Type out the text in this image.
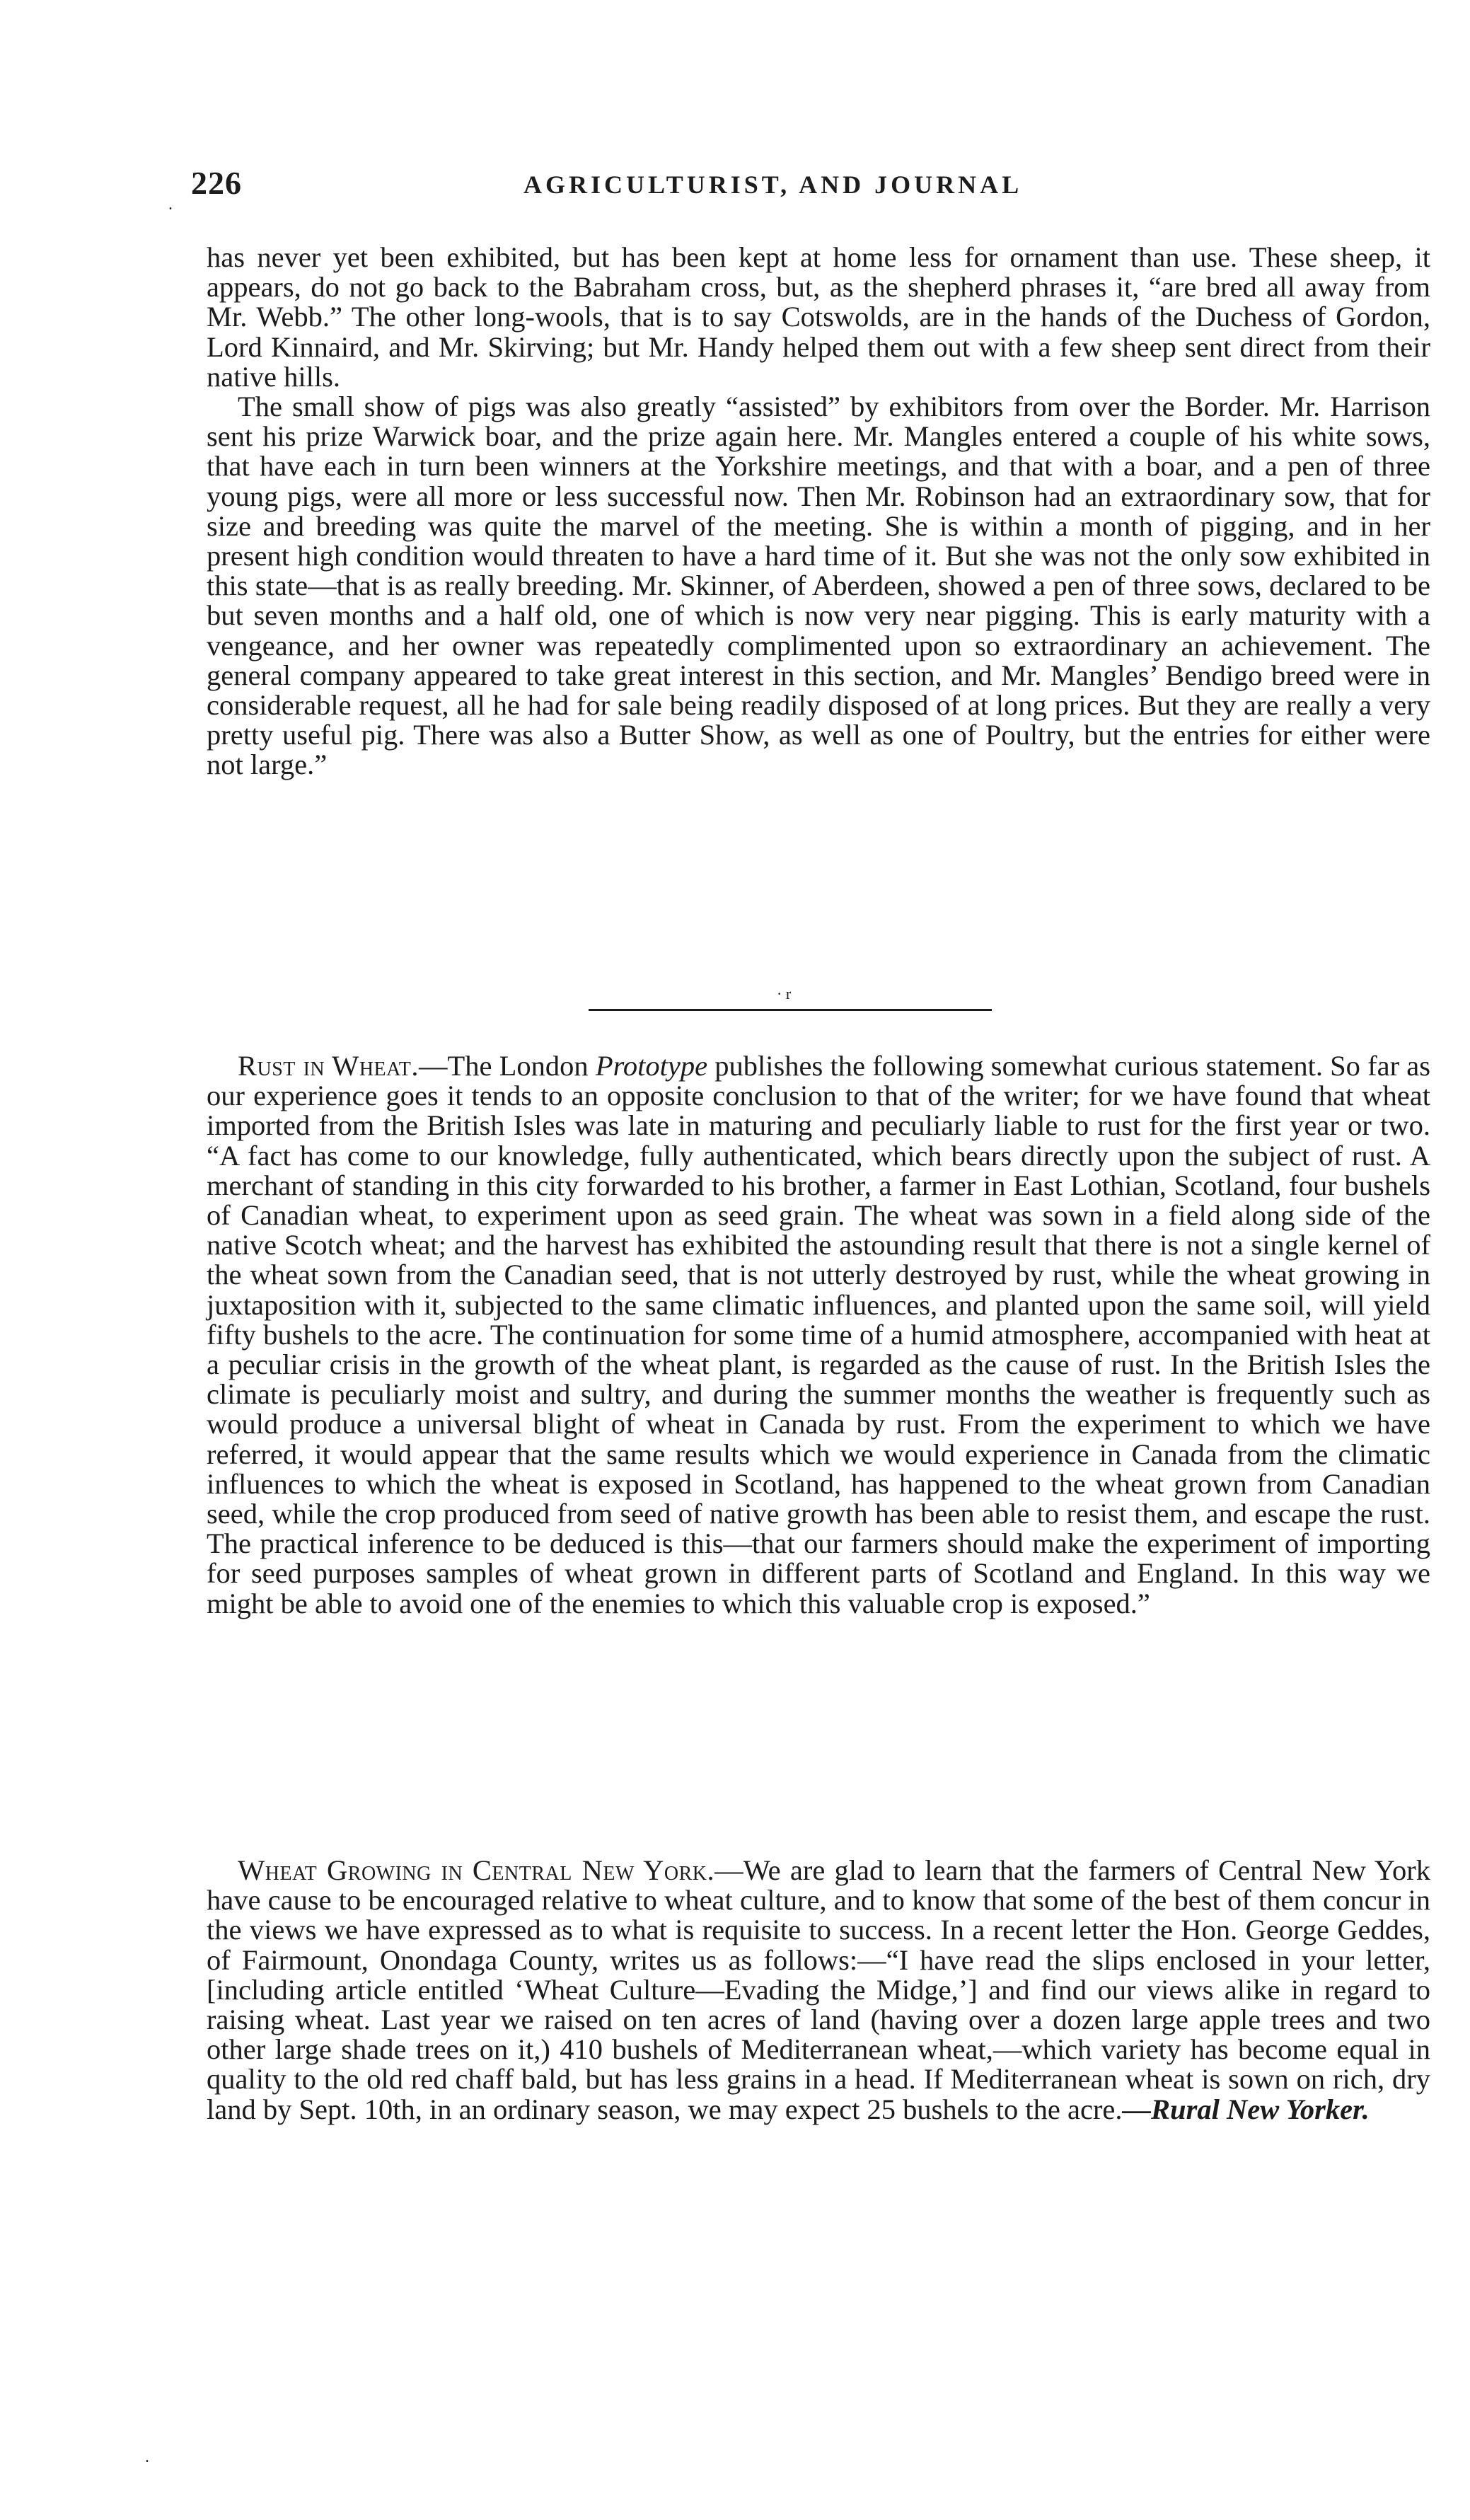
226	AGRICULTURIST, AND JOURNAL
.

has never yet been exhibited, but has been kept at home less for ornament than use. These sheep, it appears, do not go back to the Babraham cross, but, as the shepherd phrases it, “are bred all away from Mr. Webb.” The other long-wools, that is to say Cotswolds, are in the hands of the Duchess of Gordon, Lord Kinnaird, and Mr. Skirving; but Mr. Handy helped them out with a few sheep sent direct from their native hills.

The small show of pigs was also greatly “assisted” by exhibitors from over the Border. Mr. Harrison sent his prize Warwick boar, and the prize again here. Mr. Mangles entered a couple of his white sows, that have each in turn been winners at the Yorkshire meetings, and that with a boar, and a pen of three young pigs, were all more or less successful now. Then Mr. Robinson had an extraordinary sow, that for size and breeding was quite the marvel of the meeting. She is within a month of pigging, and in her present high condition would threaten to have a hard time of it. But she was not the only sow exhibited in this state—that is as really breeding. Mr. Skinner, of Aberdeen, showed a pen of three sows, declared to be but seven months and a half old, one of which is now very near pigging. This is early maturity with a vengeance, and her owner was repeatedly complimented upon so extraordinary an achievement. The general company appeared to take great interest in this section, and Mr. Mangles’ Bendigo breed were in considerable request, all he had for sale being readily disposed of at long prices. But they are really a very pretty useful pig. There was also a Butter Show, as well as one of Poultry, but the entries for either were not large.”

· r

Rust in Wheat.—The London Prototype publishes the following somewhat curious statement. So far as our experience goes it tends to an opposite conclusion to that of the writer; for we have found that wheat imported from the British Isles was late in maturing and peculiarly liable to rust for the first year or two. “A fact has come to our knowledge, fully authenticated, which bears directly upon the subject of rust. A merchant of standing in this city forwarded to his brother, a farmer in East Lothian, Scotland, four bushels of Canadian wheat, to experiment upon as seed grain. The wheat was sown in a field along side of the native Scotch wheat; and the harvest has exhibited the astounding result that there is not a single kernel of the wheat sown from the Canadian seed, that is not utterly destroyed by rust, while the wheat growing in juxtaposition with it, subjected to the same climatic influences, and planted upon the same soil, will yield fifty bushels to the acre. The continuation for some time of a humid atmosphere, accompanied with heat at a peculiar crisis in the growth of the wheat plant, is regarded as the cause of rust. In the British Isles the climate is peculiarly moist and sultry, and during the summer months the weather is frequently such as would produce a universal blight of wheat in Canada by rust. From the experiment to which we have referred, it would appear that the same results which we would experience in Canada from the climatic influences to which the wheat is exposed in Scotland, has happened to the wheat grown from Canadian seed, while the crop produced from seed of native growth has been able to resist them, and escape the rust. The practical inference to be deduced is this—that our farmers should make the experiment of importing for seed purposes samples of wheat grown in different parts of Scotland and England. In this way we might be able to avoid one of the enemies to which this valuable crop is exposed.”

Wheat Growing in Central New York.—We are glad to learn that the farmers of Central New York have cause to be encouraged relative to wheat culture, and to know that some of the best of them concur in the views we have expressed as to what is requisite to success. In a recent letter the Hon. George Geddes, of Fairmount, Onondaga County, writes us as follows:—“I have read the slips enclosed in your letter, [including article entitled ‘Wheat Culture—Evading the Midge,’] and find our views alike in regard to raising wheat. Last year we raised on ten acres of land (having over a dozen large apple trees and two other large shade trees on it,) 410 bushels of Mediterranean wheat,—which variety has become equal in quality to the old red chaff bald, but has less grains in a head. If Mediterranean wheat is sown on rich, dry land by Sept. 10th, in an ordinary season, we may expect 25 bushels to the acre.—Rural New Yorker.

.
